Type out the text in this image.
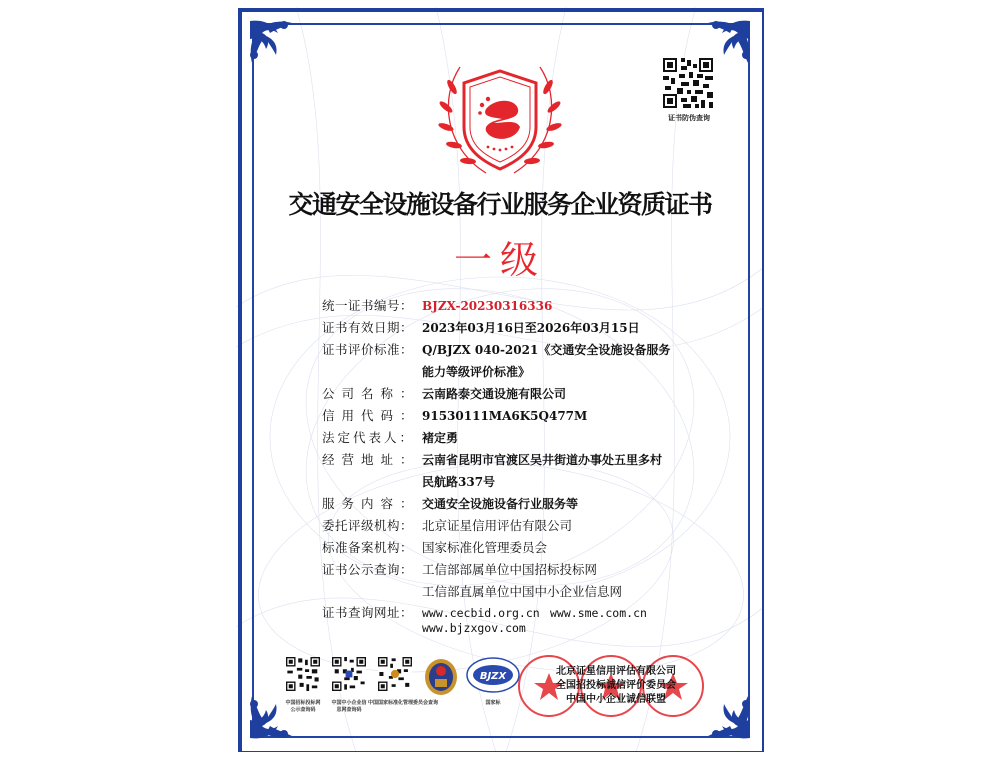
证书防伪查询
交通安全设施设备行业服务企业资质证书
一级
统一证书编号： BJZX-20230316336
证书有效日期： 2023年03月16日至2026年03月15日
证书评价标准： Q/BJZX 040-2021《交通安全设施设备服务
能力等级评价标准》
公司名称： 云南路泰交通设施有限公司
信用代码： 91530111MA6K5Q477M
法定代表人： 褚定勇
经营地址： 云南省昆明市官渡区吴井街道办事处五里多村
民航路337号
服务内容： 交通安全设施设备行业服务等
委托评级机构： 北京证星信用评估有限公司
标准备案机构： 国家标准化管理委员会
证书公示查询： 工信部部属单位中国招标投标网
工信部直属单位中国中小企业信息网
证书查询网址： www.cecbid.org.cn www.sme.com.cn
www.bjzxgov.com
BJZX
中国招标投标网
公示查询码
中国中小企业信
息网查询码
中国国家标准化管理委员会查询	国家标
北京证星信用评估有限公司
全国招投标诚信评价委员会
中国中小企业诚信联盟
